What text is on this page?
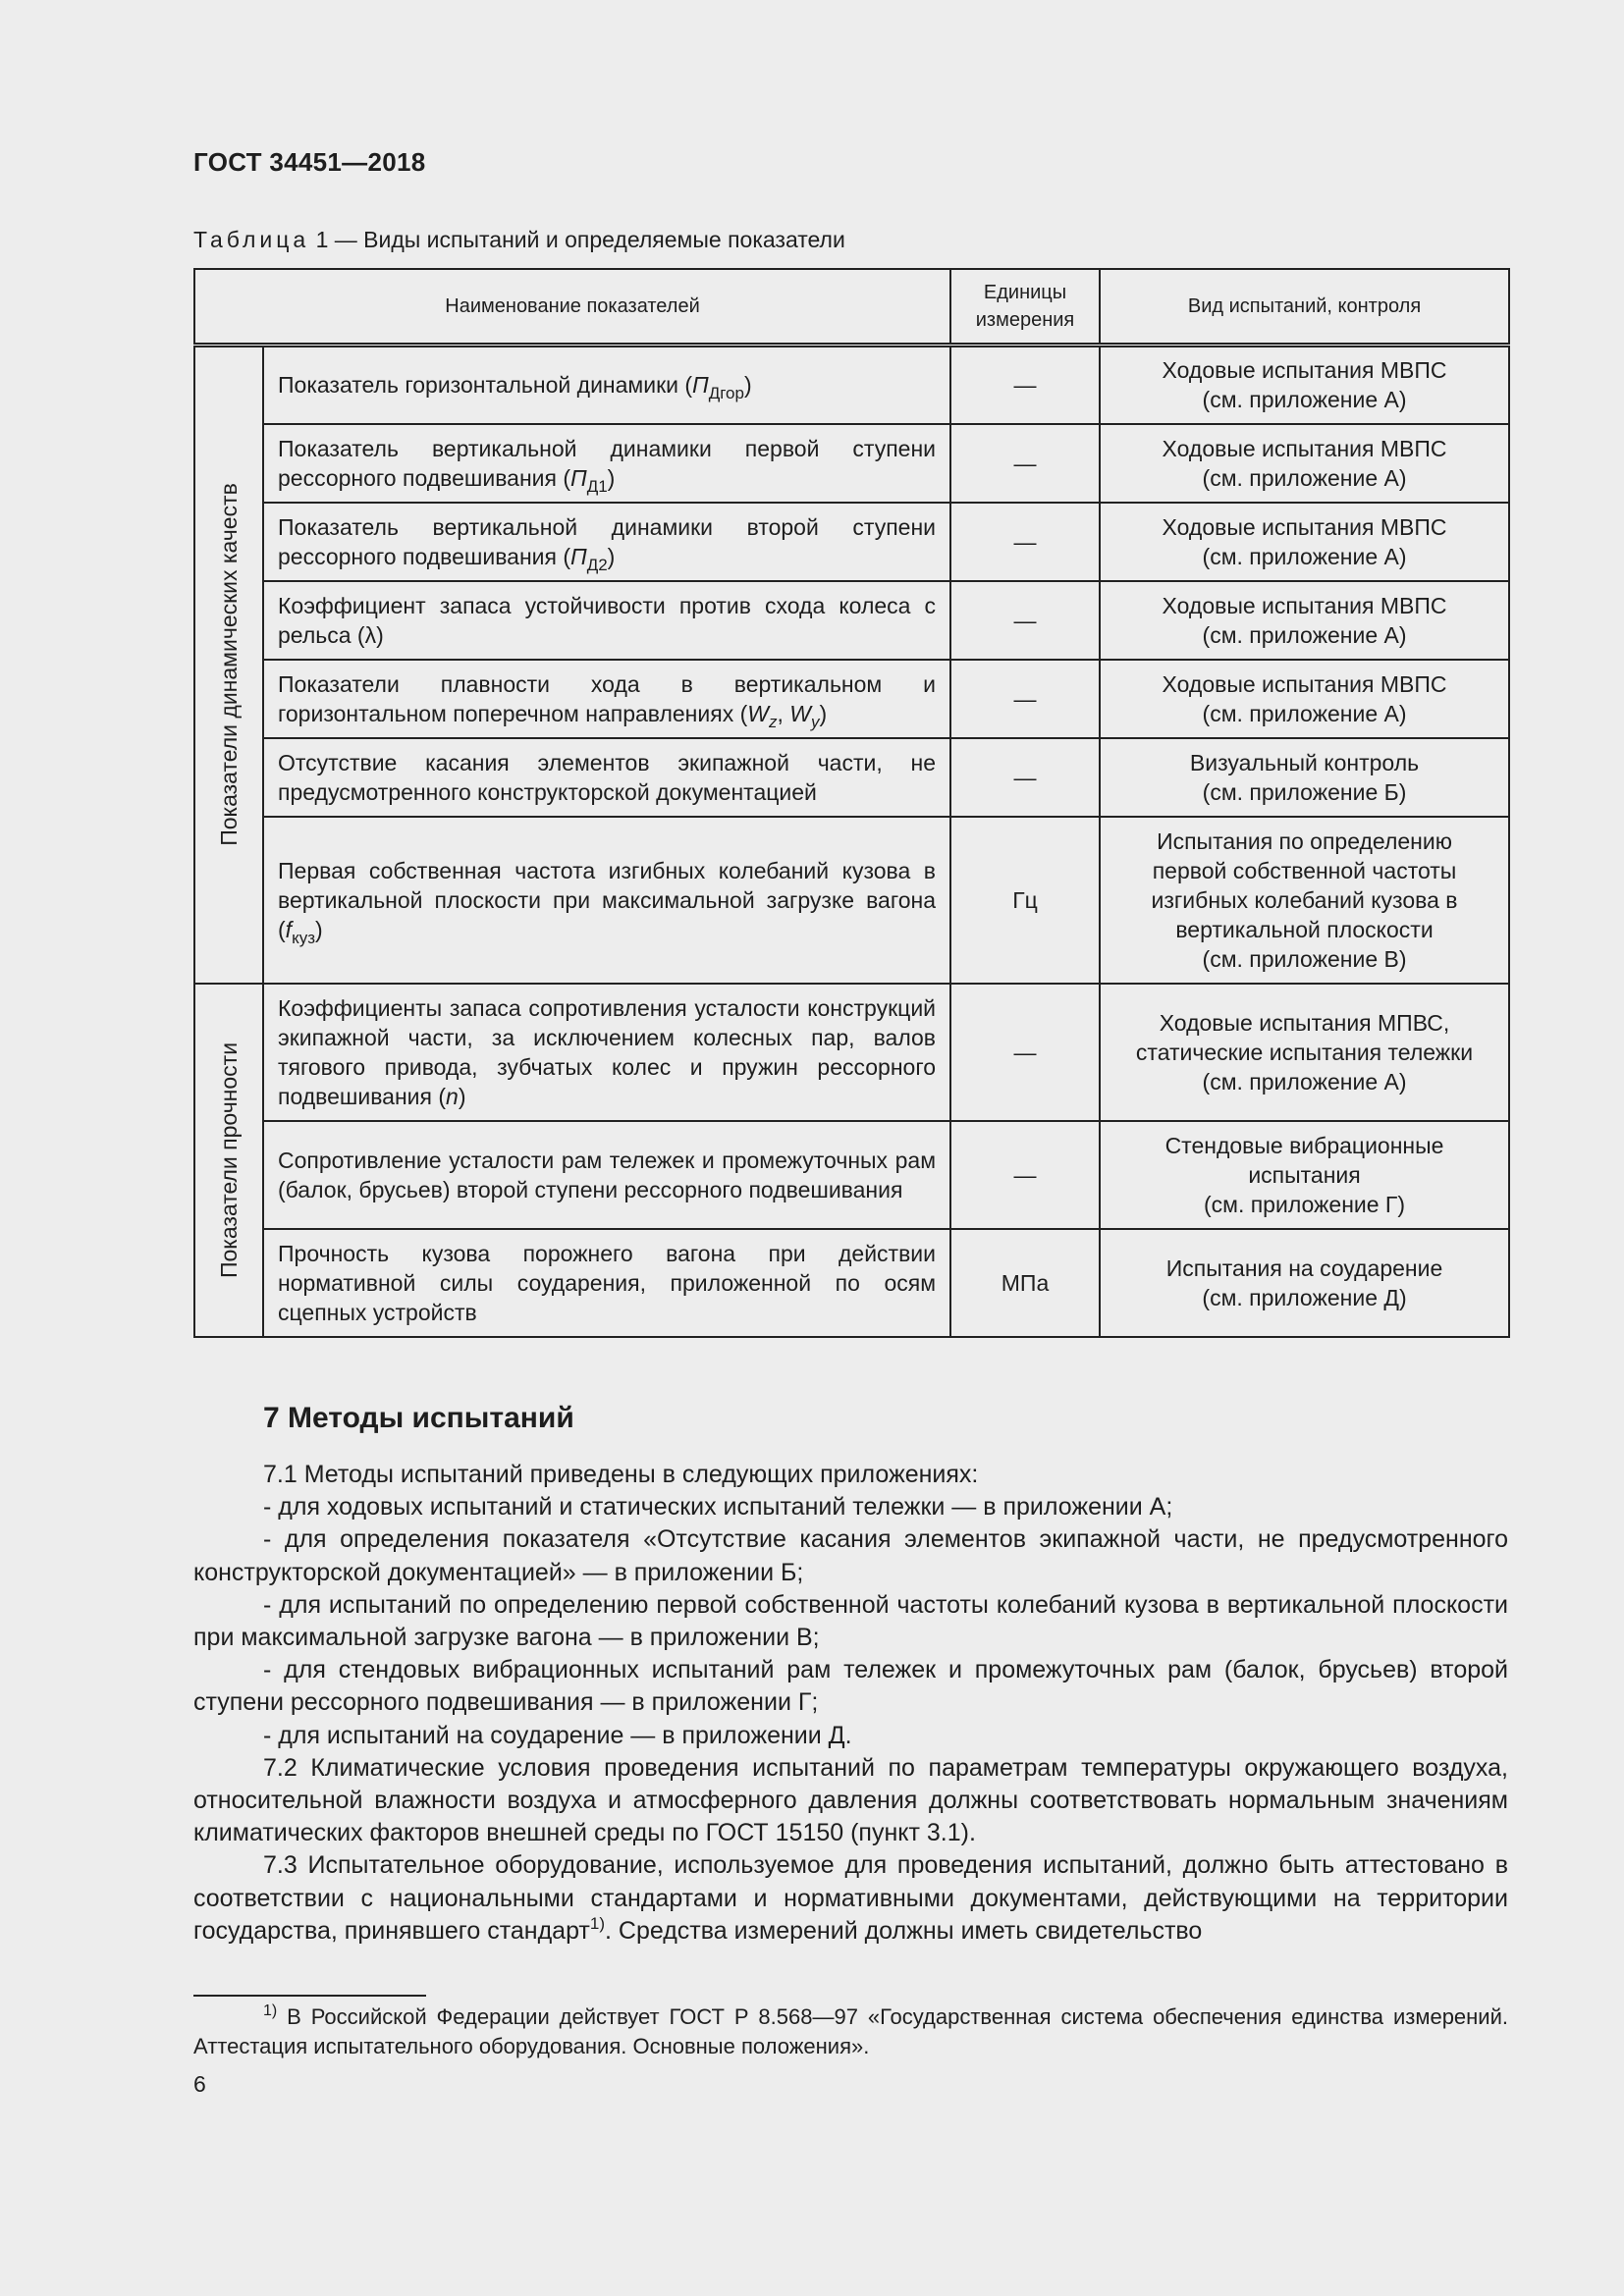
ГОСТ 34451—2018
Таблица 1 — Виды испытаний и определяемые показатели
Наименование показателей		Единицы
измерения	Вид испытаний, контроля

Показатели динамических качеств	Показатель горизонтальной динамики $(П_{Дгор})$	—	Ходовые испытания МВПС
(см. приложение А)
	Показатель вертикальной динамики первой ступени рессорного подвешивания $(П_{Д1})$	—	Ходовые испытания МВПС
(см. приложение А)
	Показатель вертикальной динамики второй ступени рессорного подвешивания $(П_{Д2})$	—	Ходовые испытания МВПС
(см. приложение А)
	Коэффициент запаса устойчивости против схода колеса с рельса (λ)	—	Ходовые испытания МВПС
(см. приложение А)
	Показатели плавности хода в вертикальном и горизонтальном поперечном направлениях ($W_z$, $W_y$)	—	Ходовые испытания МВПС
(см. приложение А)
	Отсутствие касания элементов экипажной части, не предусмотренного конструкторской документацией	—	Визуальный контроль
(см. приложение Б)
	Первая собственная частота изгибных колебаний кузова в вертикальной плоскости при максимальной загрузке вагона $(f_{куз})$	Гц	Испытания по определению
первой собственной частоты
изгибных колебаний кузова в
вертикальной плоскости
(см. приложение В)

Показатели прочности	Коэффициенты запаса сопротивления усталости конструкций экипажной части, за исключением колесных пар, валов тягового привода, зубчатых колес и пружин рессорного подвешивания (n)	—	Ходовые испытания МПВС,
статические испытания тележки
(см. приложение А)
	Сопротивление усталости рам тележек и промежуточных рам (балок, брусьев) второй ступени рессорного подвешивания	—	Стендовые вибрационные
испытания
(см. приложение Г)
	Прочность кузова порожнего вагона при действии нормативной силы соударения, приложенной по осям сцепных устройств	МПа	Испытания на соударение
(см. приложение Д)
7 Методы испытаний

7.1 Методы испытаний приведены в следующих приложениях:

- для ходовых испытаний и статических испытаний тележки — в приложении А;

- для определения показателя «Отсутствие касания элементов экипажной части, не предусмотренного конструкторской документацией» — в приложении Б;

- для испытаний по определению первой собственной частоты колебаний кузова в вертикальной плоскости при максимальной загрузке вагона — в приложении В;

- для стендовых вибрационных испытаний рам тележек и промежуточных рам (балок, брусьев) второй ступени рессорного подвешивания — в приложении Г;

- для испытаний на соударение — в приложении Д.

7.2 Климатические условия проведения испытаний по параметрам температуры окружающего воздуха, относительной влажности воздуха и атмосферного давления должны соответствовать нормальным значениям климатических факторов внешней среды по ГОСТ 15150 (пункт 3.1).

7.3 Испытательное оборудование, используемое для проведения испытаний, должно быть аттестовано в соответствии с национальными стандартами и нормативными документами, действующими на территории государства, принявшего стандарт$^{1)}$. Средства измерений должны иметь свидетельство

$^{1)}$ В Российской Федерации действует ГОСТ Р 8.568—97 «Государственная система обеспечения единства измерений. Аттестация испытательного оборудования. Основные положения».
6
